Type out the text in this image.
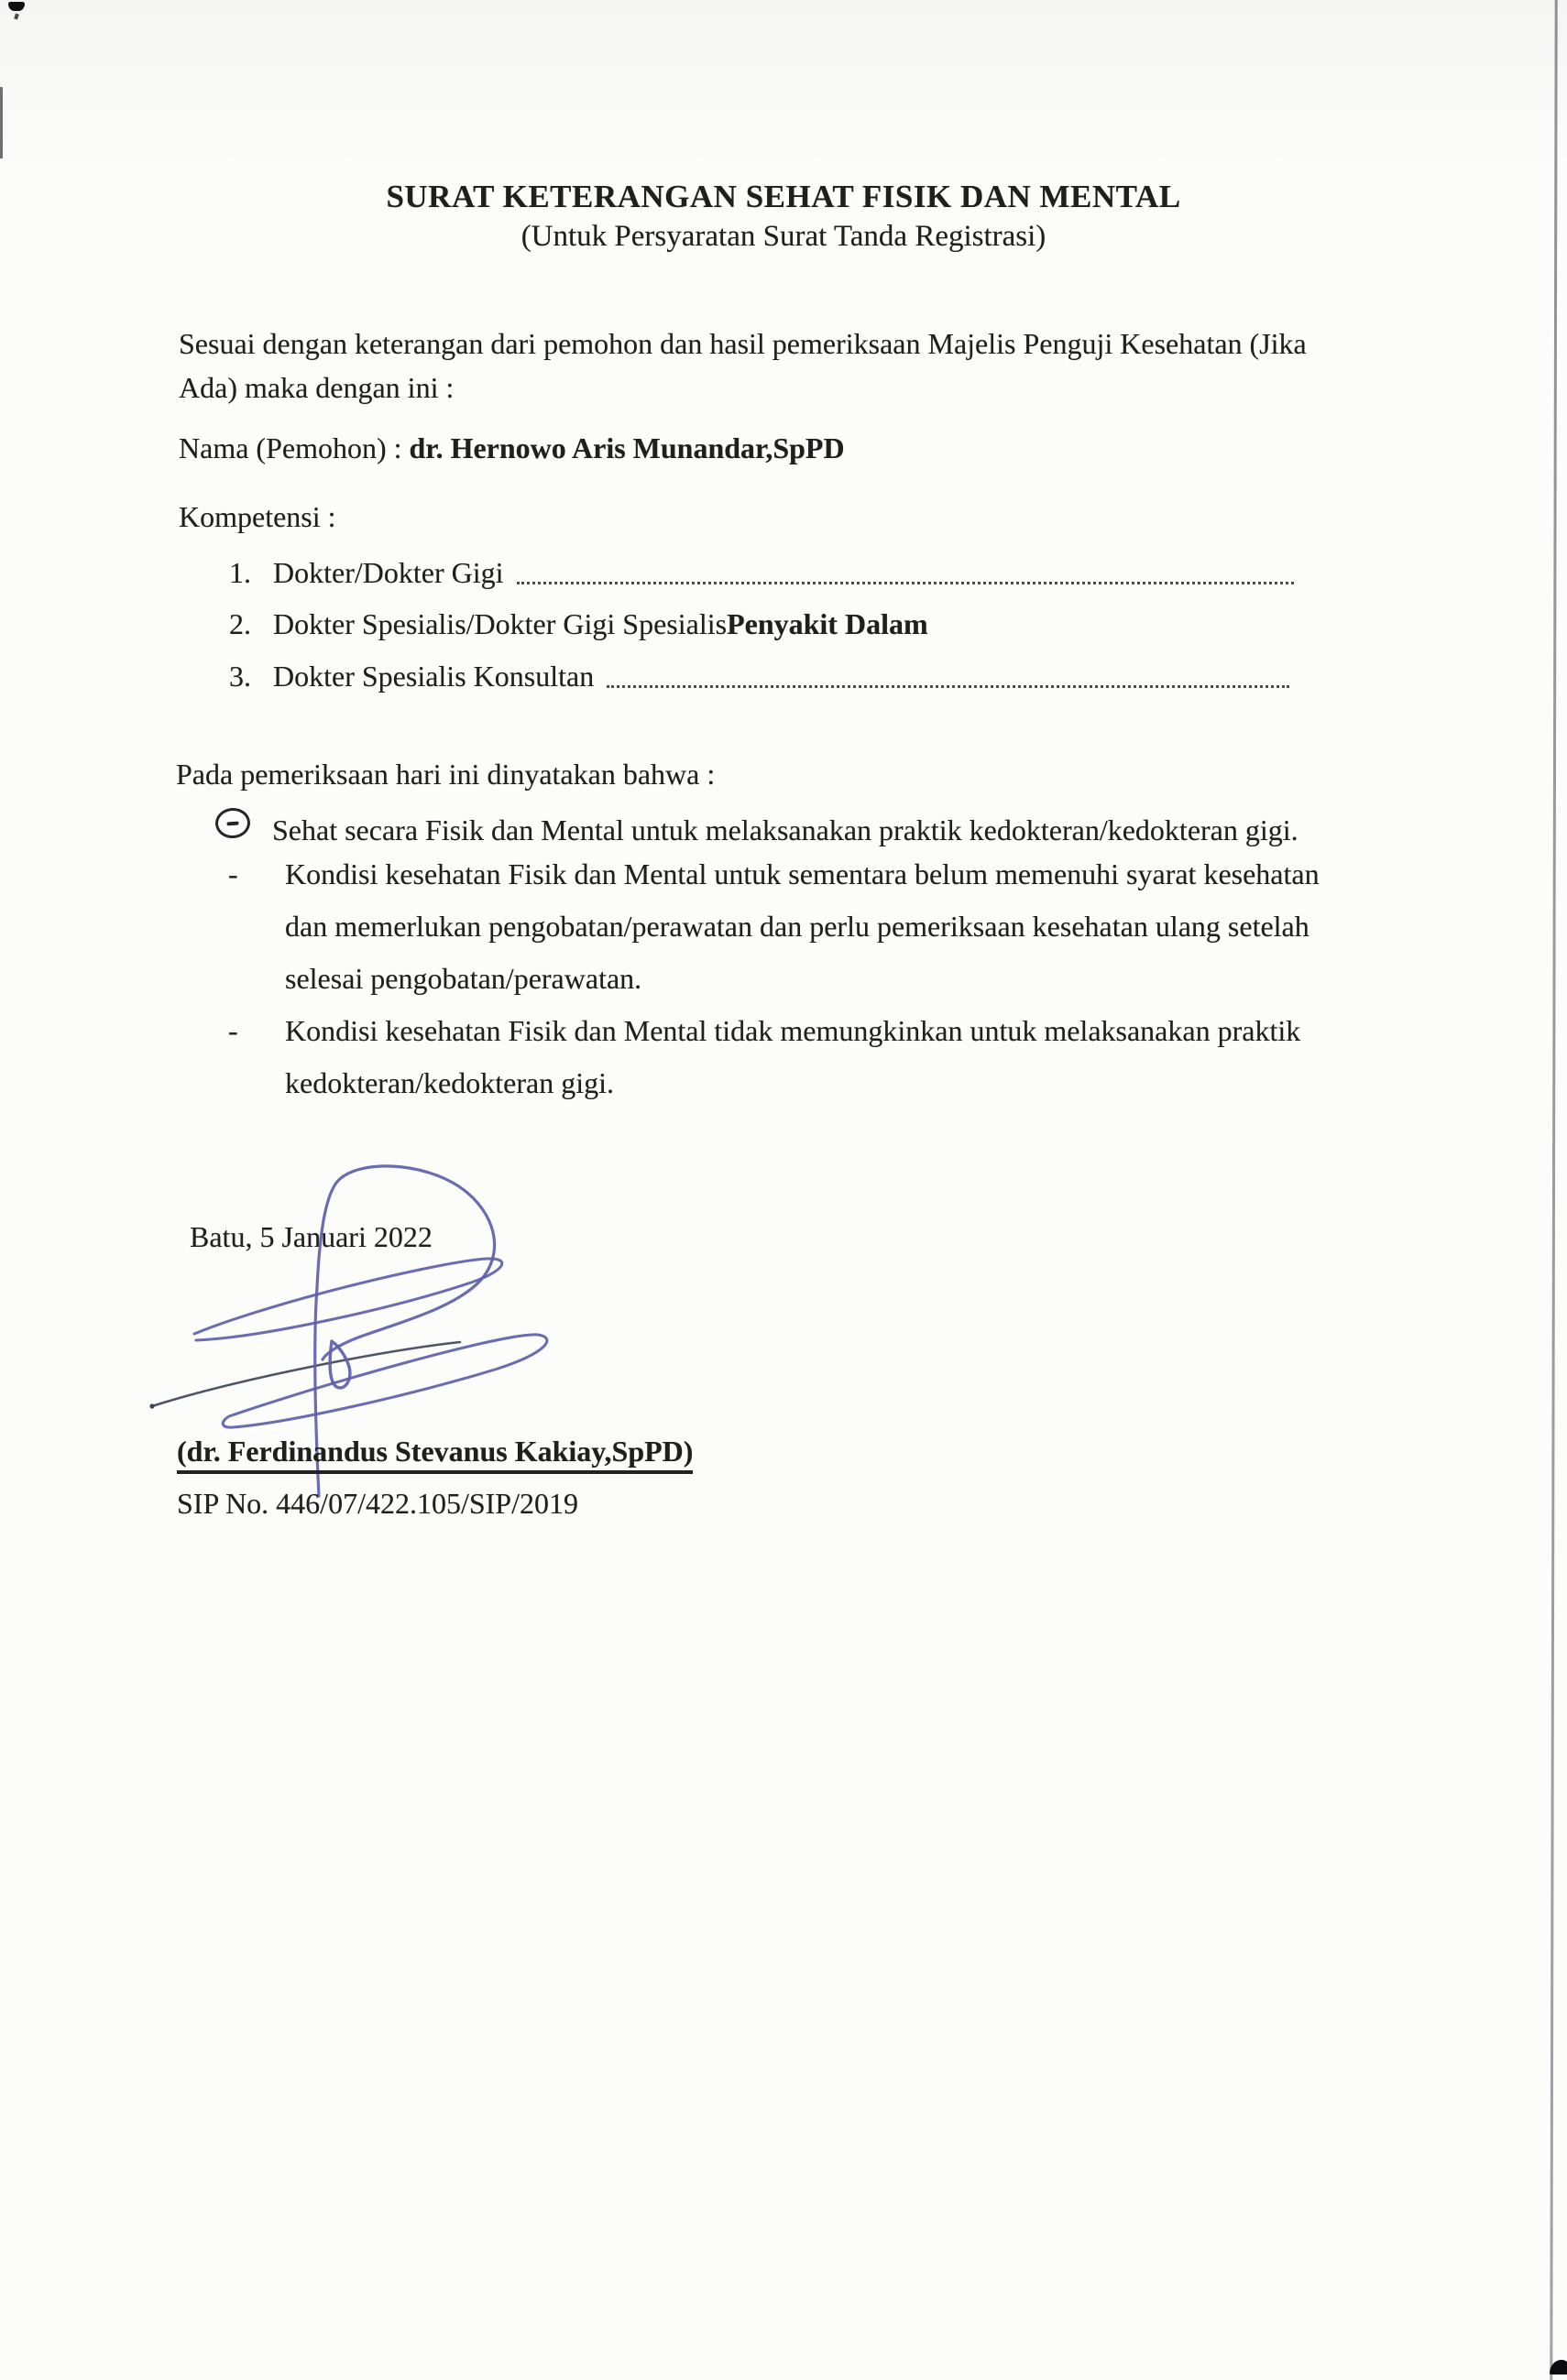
SURAT KETERANGAN SEHAT FISIK DAN MENTAL
(Untuk Persyaratan Surat Tanda Registrasi)
Sesuai dengan keterangan dari pemohon dan hasil pemeriksaan Majelis Penguji Kesehatan (Jika
Ada) maka dengan ini :
Nama (Pemohon) : dr. Hernowo Aris Munandar,SpPD
Kompetensi :
1. Dokter/Dokter Gigi
2. Dokter Spesialis/Dokter Gigi Spesialis Penyakit Dalam
3. Dokter Spesialis Konsultan
Pada pemeriksaan hari ini dinyatakan bahwa :
Sehat secara Fisik dan Mental untuk melaksanakan praktik kedokteran/kedokteran gigi.
-	Kondisi kesehatan Fisik dan Mental untuk sementara belum memenuhi syarat kesehatan
dan memerlukan pengobatan/perawatan dan perlu pemeriksaan kesehatan ulang setelah
selesai pengobatan/perawatan.
-	Kondisi kesehatan Fisik dan Mental tidak memungkinkan untuk melaksanakan praktik
kedokteran/kedokteran gigi.
Batu, 5 Januari 2022
(dr. Ferdinandus Stevanus Kakiay,SpPD)
SIP No. 446/07/422.105/SIP/2019
